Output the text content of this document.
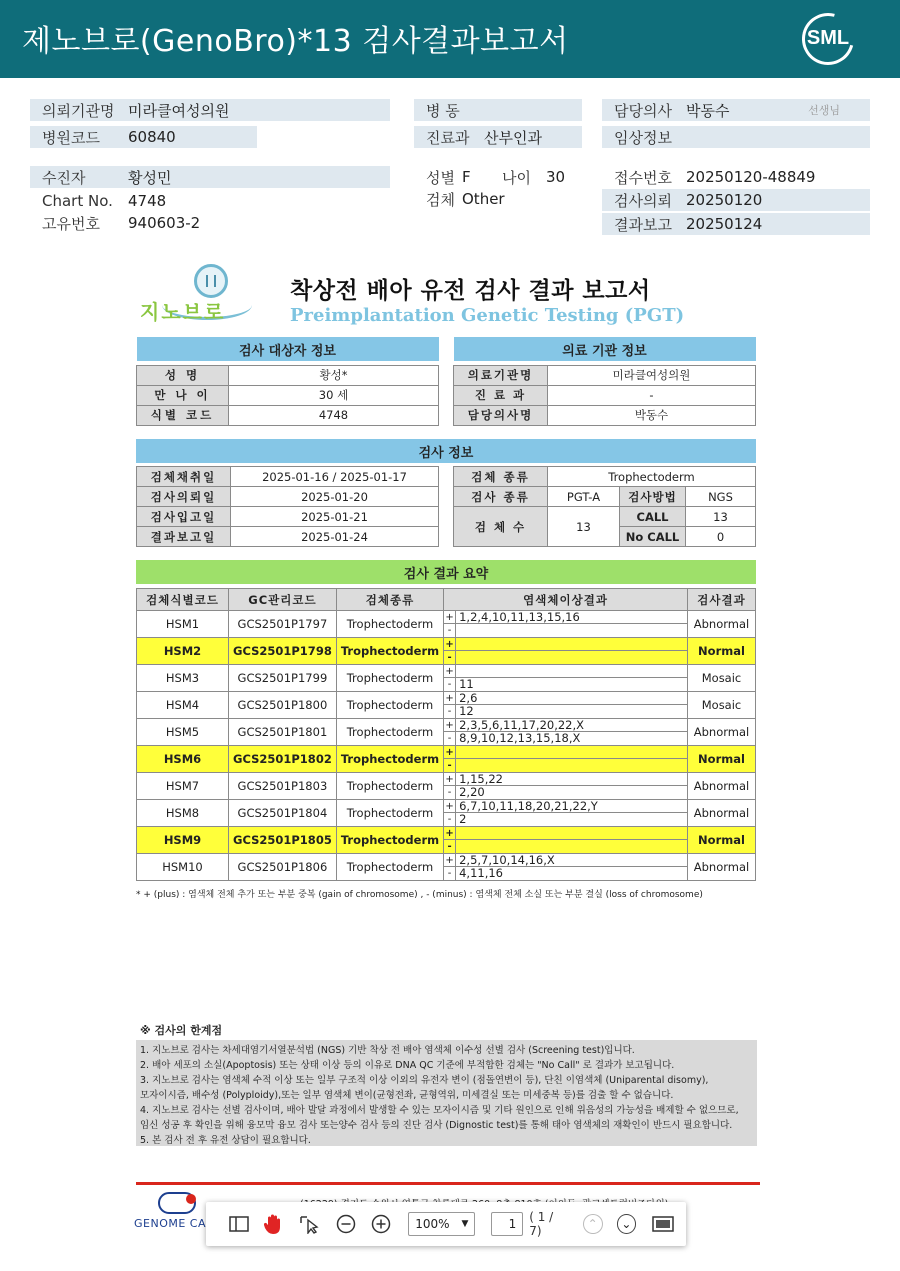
제노브로(GenoBro)*13 검사결과보고서	SML
의뢰기관명 미라클여성의원
병원코드 60840
병 동
진료과 산부인과
담당의사 박동수	선생님
임상정보
수진자	황성민
Chart No. 4748
고유번호 940603-2
성별 F	나이 30
검체 Other
접수번호 20250120-48849
검사의뢰 20250120
결과보고 20250124
지노브로
착상전 배아 유전 검사 결과 보고서
Preimplantation Genetic Testing (PGT)
검사 대상자 정보	

성 명	황성*
만 나 이	30 세
식별 코드	4748
의료 기관 정보	

의료기관명	미라클여성의원
진 료 과	-
담당의사명	박동수
검사 정보
검체채취일	2025-01-16 / 2025-01-17
검사의뢰일	2025-01-20
검사입고일	2025-01-21
결과보고일	2025-01-24
검체 종류	Trophectoderm		
검사 종류	PGT-A	검사방법	NGS
검 체 수	13	CALL	13
		No CALL	0
검사 결과 요약
검체식별코드	GC관리코드	검체종류	염색체이상결과	검사결과
HSM1	GCS2501P1797	Trophectoderm	+ 1,2,4,10,11,13,15,16
-	Abnormal
HSM2	GCS2501P1798	Trophectoderm	+
-	Normal
HSM3	GCS2501P1799	Trophectoderm	+
- 11	Mosaic
HSM4	GCS2501P1800	Trophectoderm	+ 2,6
- 12	Mosaic
HSM5	GCS2501P1801	Trophectoderm	+ 2,3,5,6,11,17,20,22,X
- 8,9,10,12,13,15,18,X	Abnormal
HSM6	GCS2501P1802	Trophectoderm	+
-	Normal
HSM7	GCS2501P1803	Trophectoderm	+ 1,15,22
- 2,20	Abnormal
HSM8	GCS2501P1804	Trophectoderm	+ 6,7,10,11,18,20,21,22,Y
- 2	Abnormal
HSM9	GCS2501P1805	Trophectoderm	+
-	Normal
HSM10	GCS2501P1806	Trophectoderm	+ 2,5,7,10,14,16,X
- 4,11,16	Abnormal
* + (plus) : 염색체 전체 추가 또는 부분 중복 (gain of chromosome) , - (minus) : 염색체 전체 소실 또는 부분 결실 (loss of chromosome)
※ 검사의 한계점
1. 지노브로 검사는 차세대염기서열분석법 (NGS) 기반 착상 전 배아 염색체 이수성 선별 검사 (Screening test)입니다.
2. 배아 세포의 소실(Apoptosis) 또는 상태 이상 등의 이유로 DNA QC 기준에 부적합한 검체는 "No Call" 로 결과가 보고됩니다.
3. 지노브로 검사는 염색체 수적 이상 또는 일부 구조적 이상 이외의 유전자 변이 (점돌연변이 등), 단친 이염색체 (Uniparental disomy),
모자이시즘, 배수성 (Polyploidy),또는 일부 염색체 변이(균형전좌, 균형역위, 미세결실 또는 미세중복 등)를 검출 할 수 없습니다.
4. 지노브로 검사는 선별 검사이며, 배아 발달 과정에서 발생할 수 있는 모자이시즘 및 기타 원인으로 인해 위음성의 가능성을 배제할 수 없으므로,
임신 성공 후 확인을 위해 융모막 융모 검사 또는양수 검사 등의 진단 검사 (Dignostic test)를 통해 태아 염색체의 재확인이 반드시 필요합니다.
5. 본 검사 전 후 유전 상담이 필요합니다.
GENOME CA	100% ▼	1	( 1 / 7)	⌃	⌄
